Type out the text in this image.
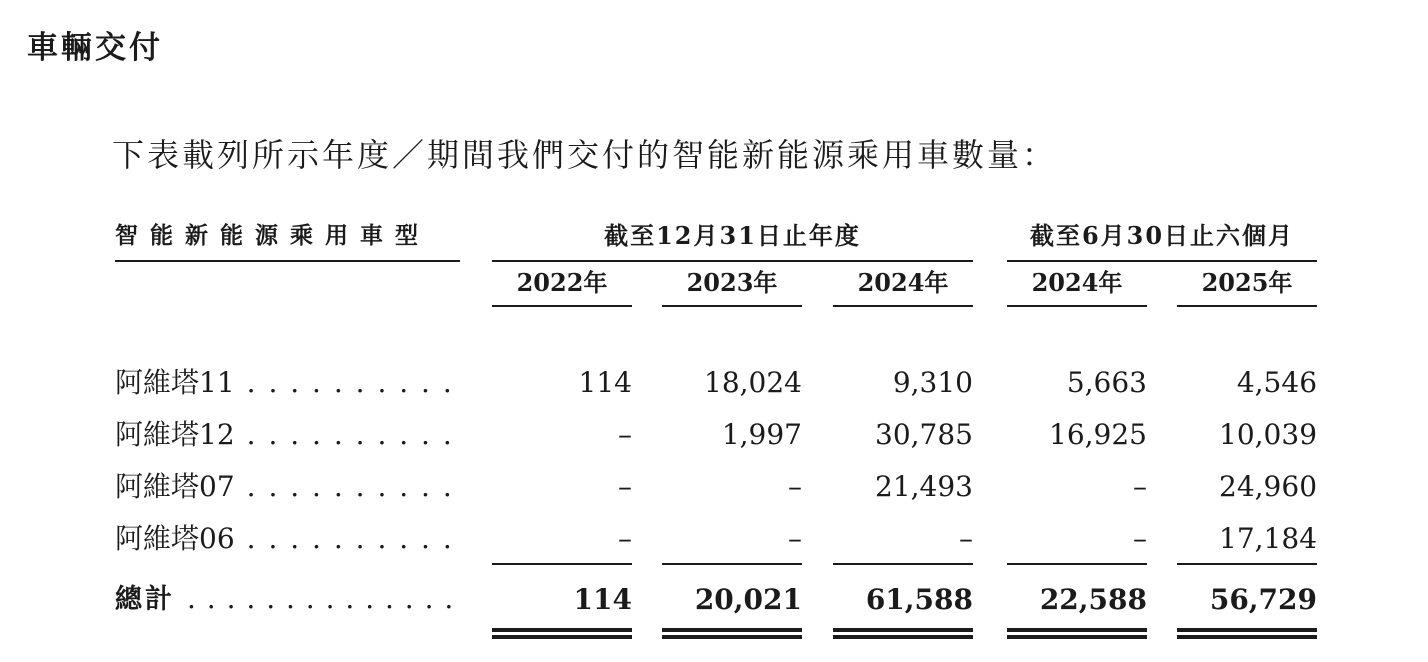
車輛交付

下表載列所示年度／期間我們交付的智能新能源乘用車數量：

智能新能源乘用車型		截至12月31日止年度						截至6月30日止六個月		
		2022年		2023年		2024年		2024年		2025年

阿維塔11 . . . . . . . . . .		114		18,024		9,310		5,663		4,546
阿維塔12 . . . . . . . . . .		–		1,997		30,785		16,925		10,039
阿維塔07 . . . . . . . . . .		–		–		21,493		–		24,960
阿維塔06 . . . . . . . . . .		–		–		–		–		17,184
總計 . . . . . . . . . . . . . .		114		20,021		61,588		22,588		56,729
